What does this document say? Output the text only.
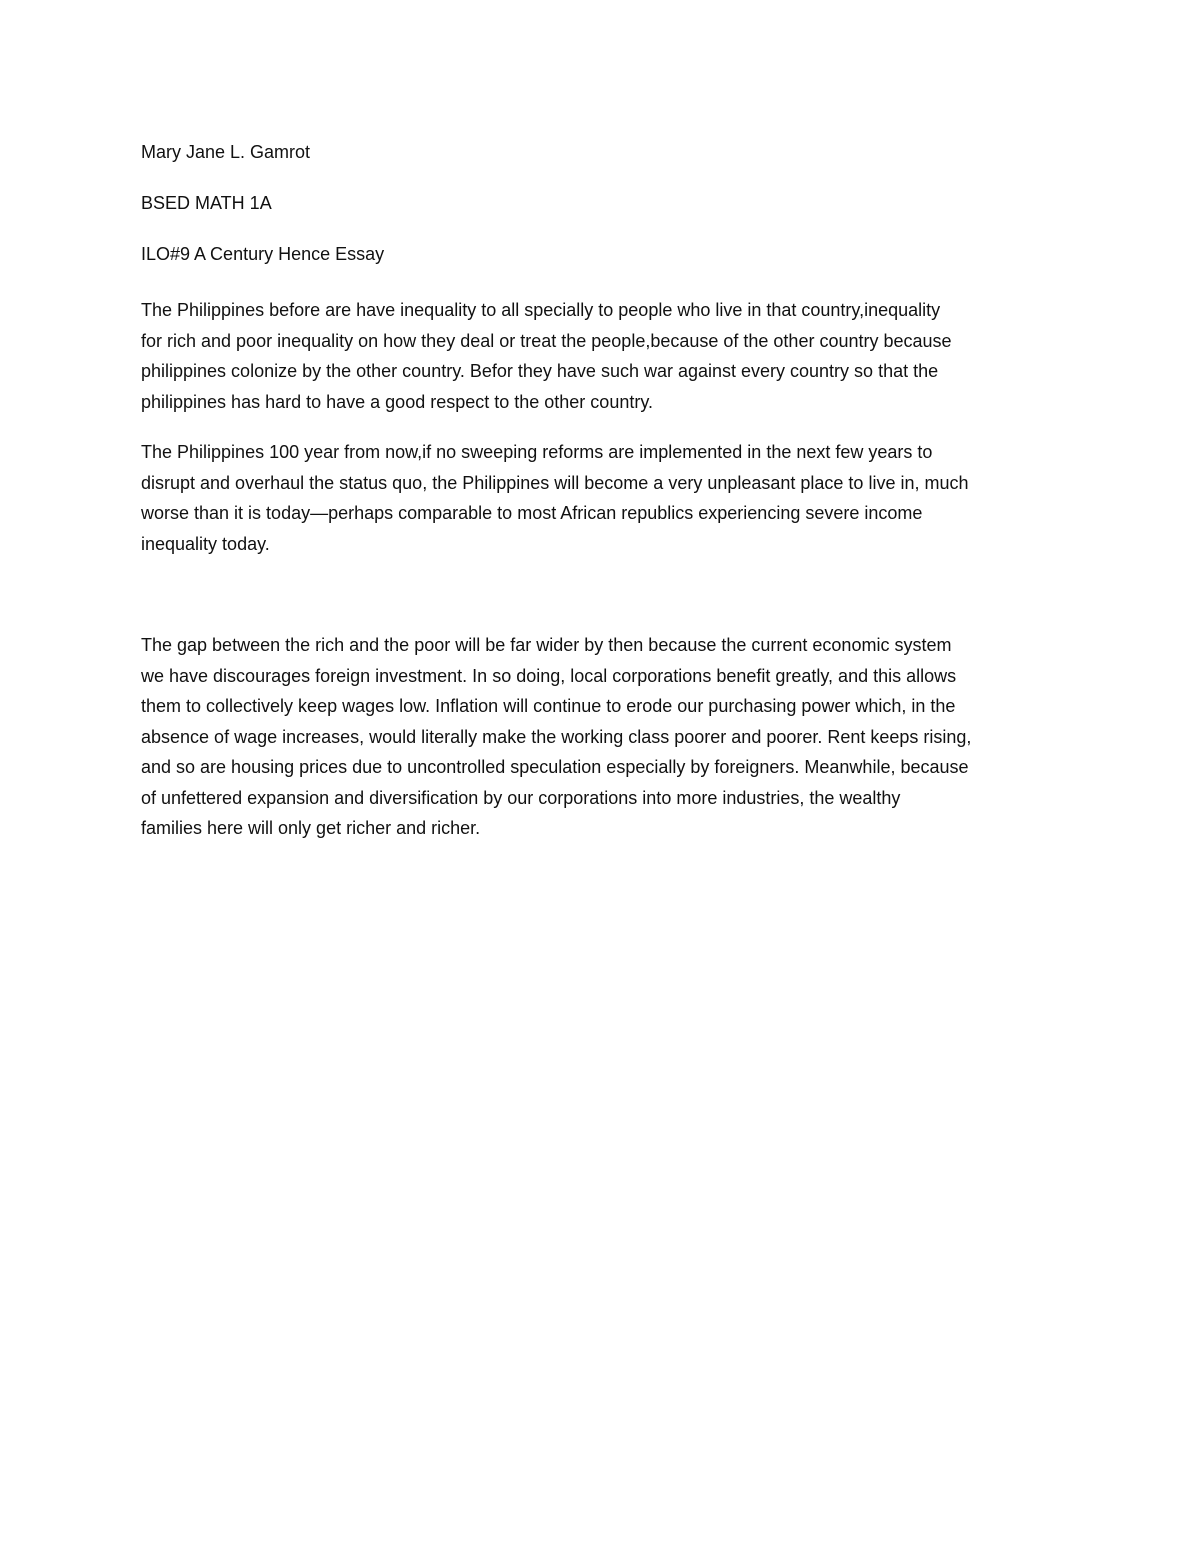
Mary Jane L. Gamrot
BSED MATH 1A
ILO#9 A Century Hence Essay
The Philippines before are have inequality to all specially to people who live in that country,inequality
for rich and poor inequality on how they deal or treat the people,because of the other country because
philippines colonize by the other country. Befor they have such war against every country so that the
philippines has hard to have a good respect to the other country.
The Philippines 100 year from now,if no sweeping reforms are implemented in the next few years to
disrupt and overhaul the status quo, the Philippines will become a very unpleasant place to live in, much
worse than it is today—perhaps comparable to most African republics experiencing severe income
inequality today.
The gap between the rich and the poor will be far wider by then because the current economic system
we have discourages foreign investment. In so doing, local corporations benefit greatly, and this allows
them to collectively keep wages low. Inflation will continue to erode our purchasing power which, in the
absence of wage increases, would literally make the working class poorer and poorer. Rent keeps rising,
and so are housing prices due to uncontrolled speculation especially by foreigners. Meanwhile, because
of unfettered expansion and diversification by our corporations into more industries, the wealthy
families here will only get richer and richer.
